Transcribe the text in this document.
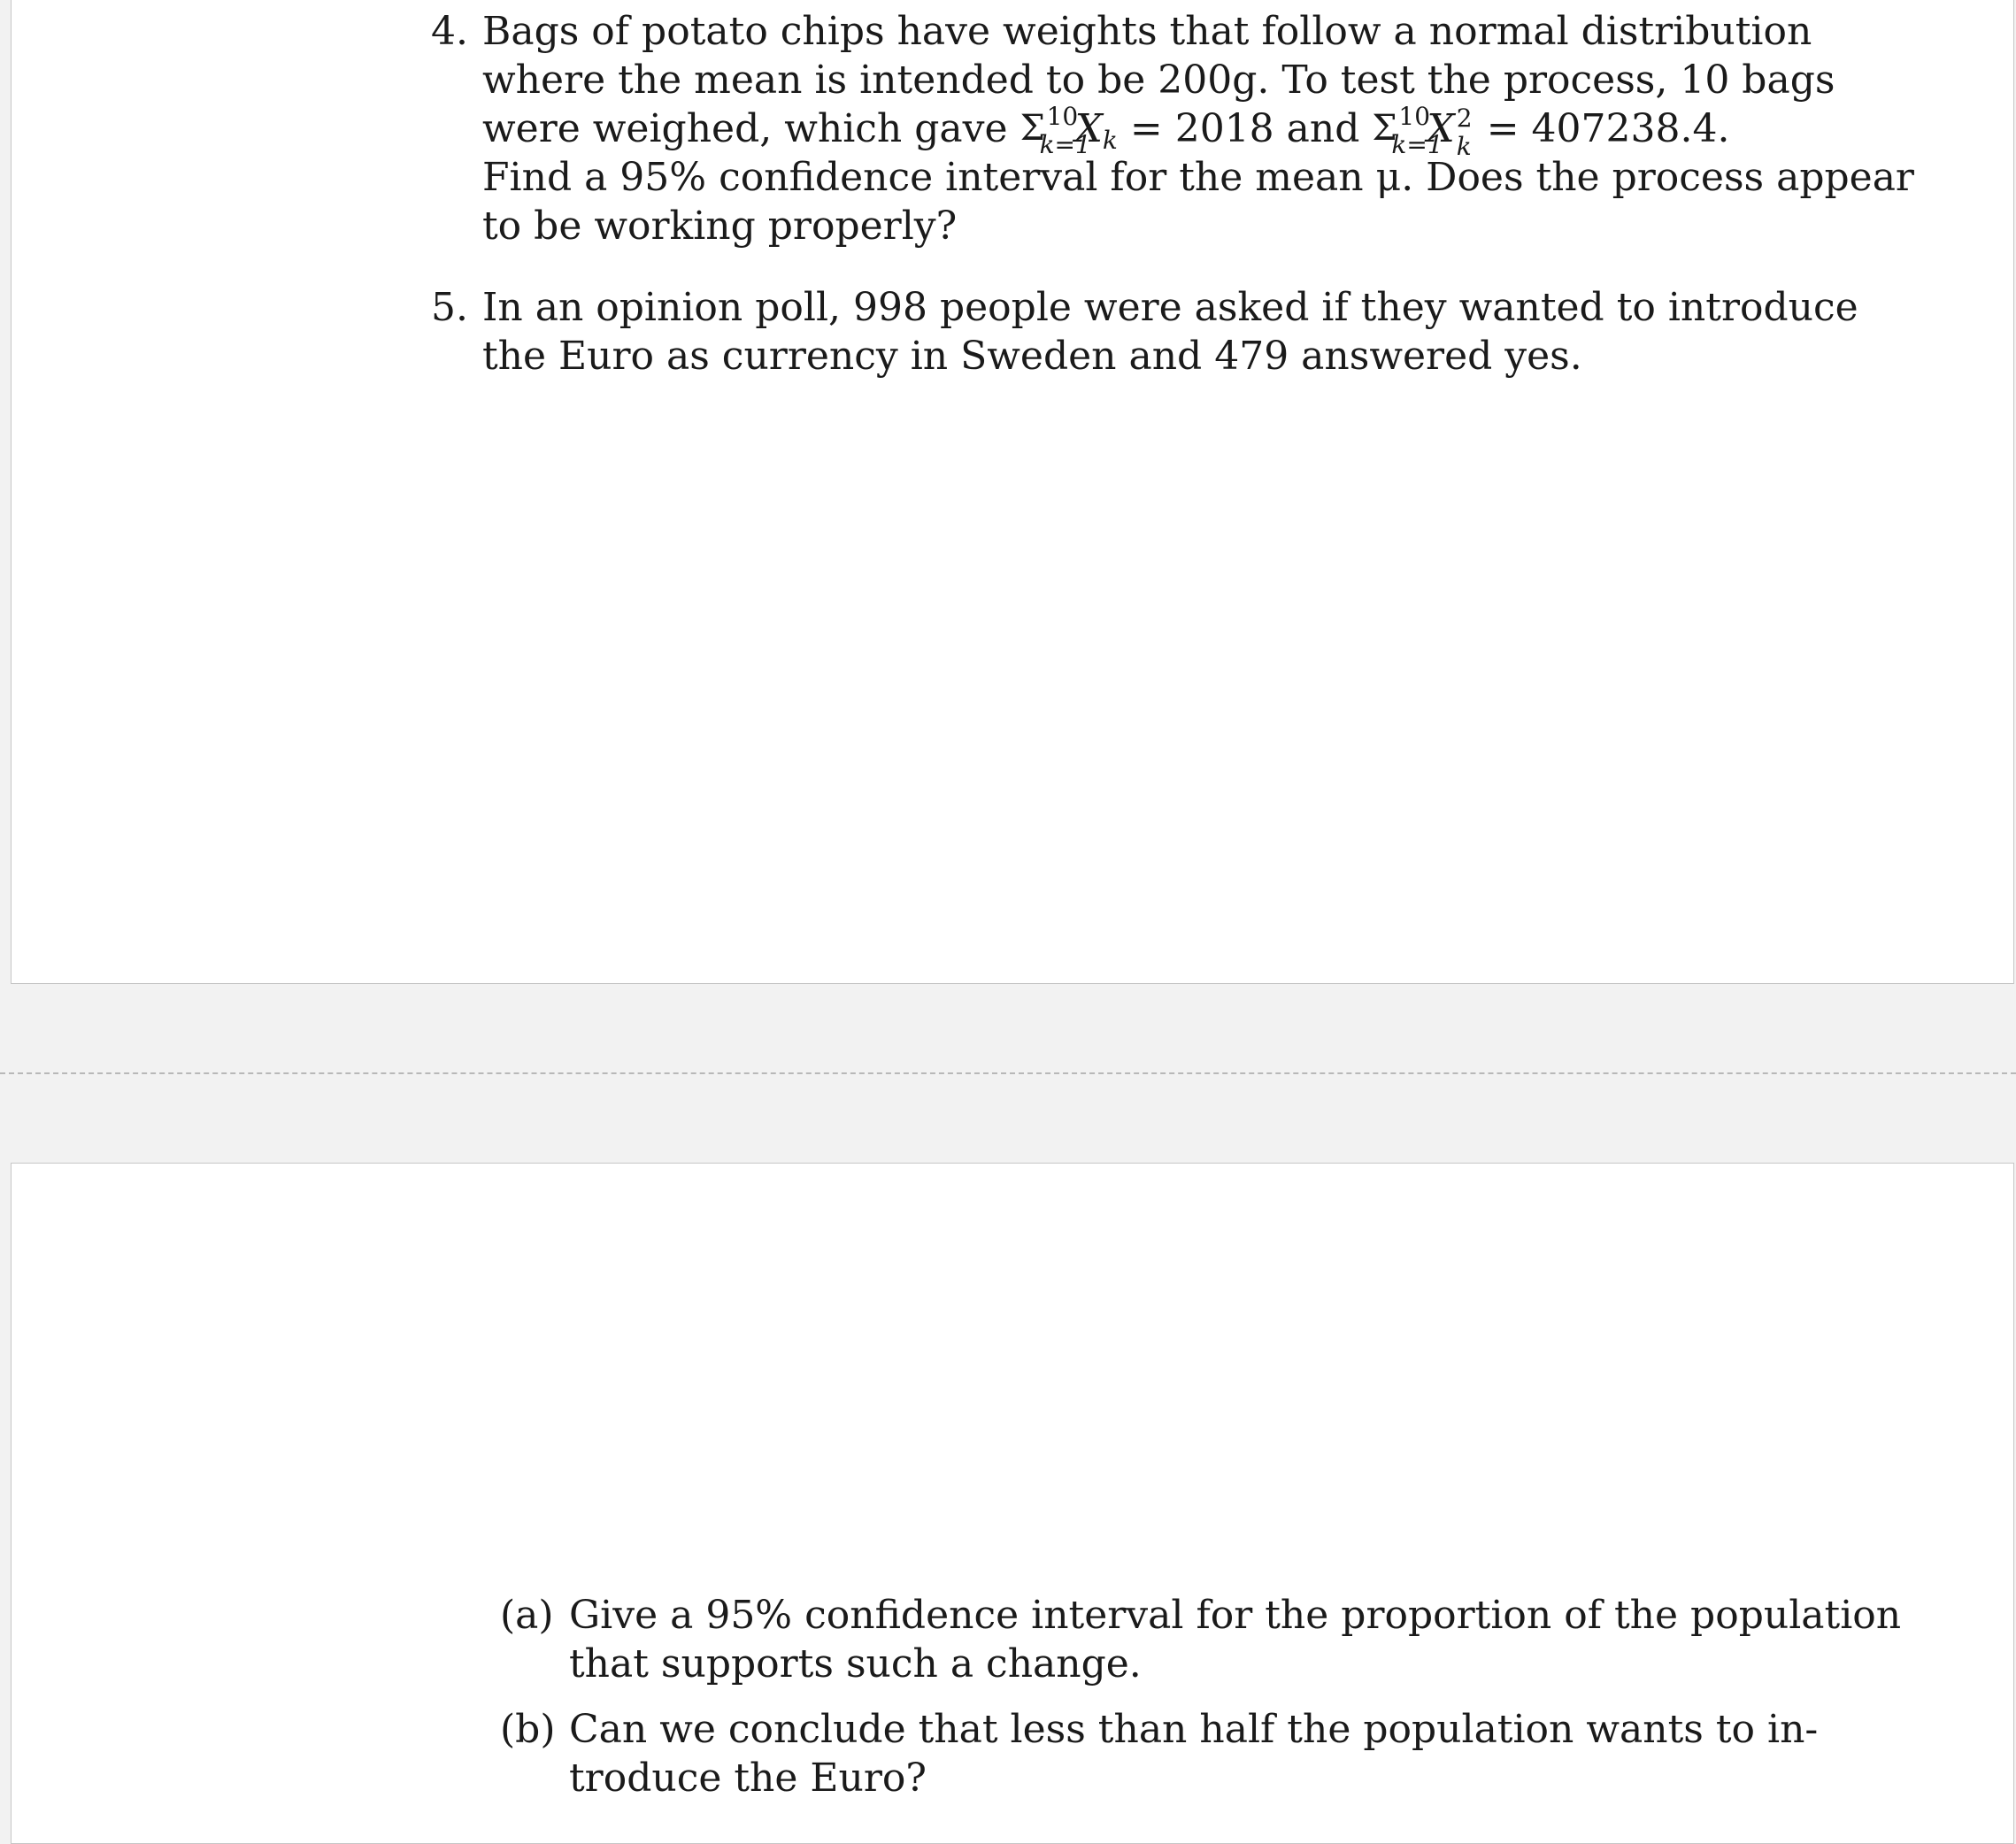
4. Bags of potato chips have weights that follow a normal distribution
where the mean is intended to be 200g. To test the process, 10 bags
were weighed, which gave Σ 10
k=1
Xk = 2018 and Σ 10
k=1
X 2
k = 407238.4.
Find a 95% confidence interval for the mean μ. Does the process appear
to be working properly?
5. In an opinion poll, 998 people were asked if they wanted to introduce
the Euro as currency in Sweden and 479 answered yes.
(a) Give a 95% confidence interval for the proportion of the population
that supports such a change.
(b) Can we conclude that less than half the population wants to in-
troduce the Euro?
